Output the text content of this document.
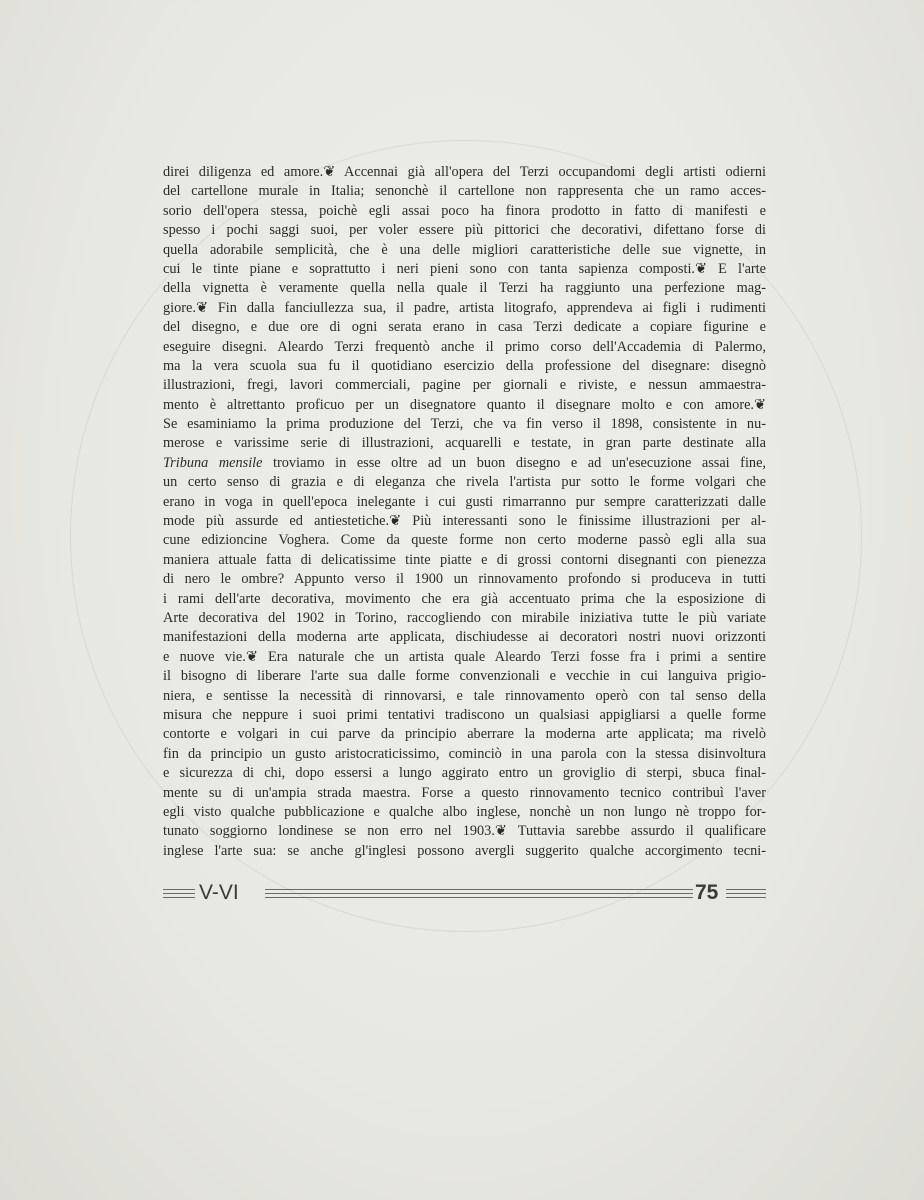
direi diligenza ed amore.❦ Accennai già all'opera del Terzi occupandomi degli artisti odierni
del cartellone murale in Italia; senonchè il cartellone non rappresenta che un ramo acces-
sorio dell'opera stessa, poichè egli assai poco ha finora prodotto in fatto di manifesti e
spesso i pochi saggi suoi, per voler essere più pittorici che decorativi, difettano forse di
quella adorabile semplicità, che è una delle migliori caratteristiche delle sue vignette, in
cui le tinte piane e soprattutto i neri pieni sono con tanta sapienza composti.❦ E l'arte
della vignetta è veramente quella nella quale il Terzi ha raggiunto una perfezione mag-
giore.❦ Fin dalla fanciullezza sua, il padre, artista litografo, apprendeva ai figli i rudimenti
del disegno, e due ore di ogni serata erano in casa Terzi dedicate a copiare figurine e
eseguire disegni. Aleardo Terzi frequentò anche il primo corso dell'Accademia di Palermo,
ma la vera scuola sua fu il quotidiano esercizio della professione del disegnare: disegnò
illustrazioni, fregi, lavori commerciali, pagine per giornali e riviste, e nessun ammaestra-
mento è altrettanto proficuo per un disegnatore quanto il disegnare molto e con amore.❦
Se esaminiamo la prima produzione del Terzi, che va fin verso il 1898, consistente in nu-
merose e varissime serie di illustrazioni, acquarelli e testate, in gran parte destinate alla
Tribuna mensile troviamo in esse oltre ad un buon disegno e ad un'esecuzione assai fine,
un certo senso di grazia e di eleganza che rivela l'artista pur sotto le forme volgari che
erano in voga in quell'epoca inelegante i cui gusti rimarranno pur sempre caratterizzati dalle
mode più assurde ed antiestetiche.❦ Più interessanti sono le finissime illustrazioni per al-
cune edizioncine Voghera. Come da queste forme non certo moderne passò egli alla sua
maniera attuale fatta di delicatissime tinte piatte e di grossi contorni disegnanti con pienezza
di nero le ombre? Appunto verso il 1900 un rinnovamento profondo si produceva in tutti
i rami dell'arte decorativa, movimento che era già accentuato prima che la esposizione di
Arte decorativa del 1902 in Torino, raccogliendo con mirabile iniziativa tutte le più variate
manifestazioni della moderna arte applicata, dischiudesse ai decoratori nostri nuovi orizzonti
e nuove vie.❦ Era naturale che un artista quale Aleardo Terzi fosse fra i primi a sentire
il bisogno di liberare l'arte sua dalle forme convenzionali e vecchie in cui languiva prigio-
niera, e sentisse la necessità di rinnovarsi, e tale rinnovamento operò con tal senso della
misura che neppure i suoi primi tentativi tradiscono un qualsiasi appigliarsi a quelle forme
contorte e volgari in cui parve da principio aberrare la moderna arte applicata; ma rivelò
fin da principio un gusto aristocraticissimo, cominciò in una parola con la stessa disinvoltura
e sicurezza di chi, dopo essersi a lungo aggirato entro un groviglio di sterpi, sbuca final-
mente su di un'ampia strada maestra. Forse a questo rinnovamento tecnico contribuì l'aver
egli visto qualche pubblicazione e qualche albo inglese, nonchè un non lungo nè troppo for-
tunato soggiorno londinese se non erro nel 1903.❦ Tuttavia sarebbe assurdo il qualificare
inglese l'arte sua: se anche gl'inglesi possono avergli suggerito qualche accorgimento tecni-
V-VI	75
